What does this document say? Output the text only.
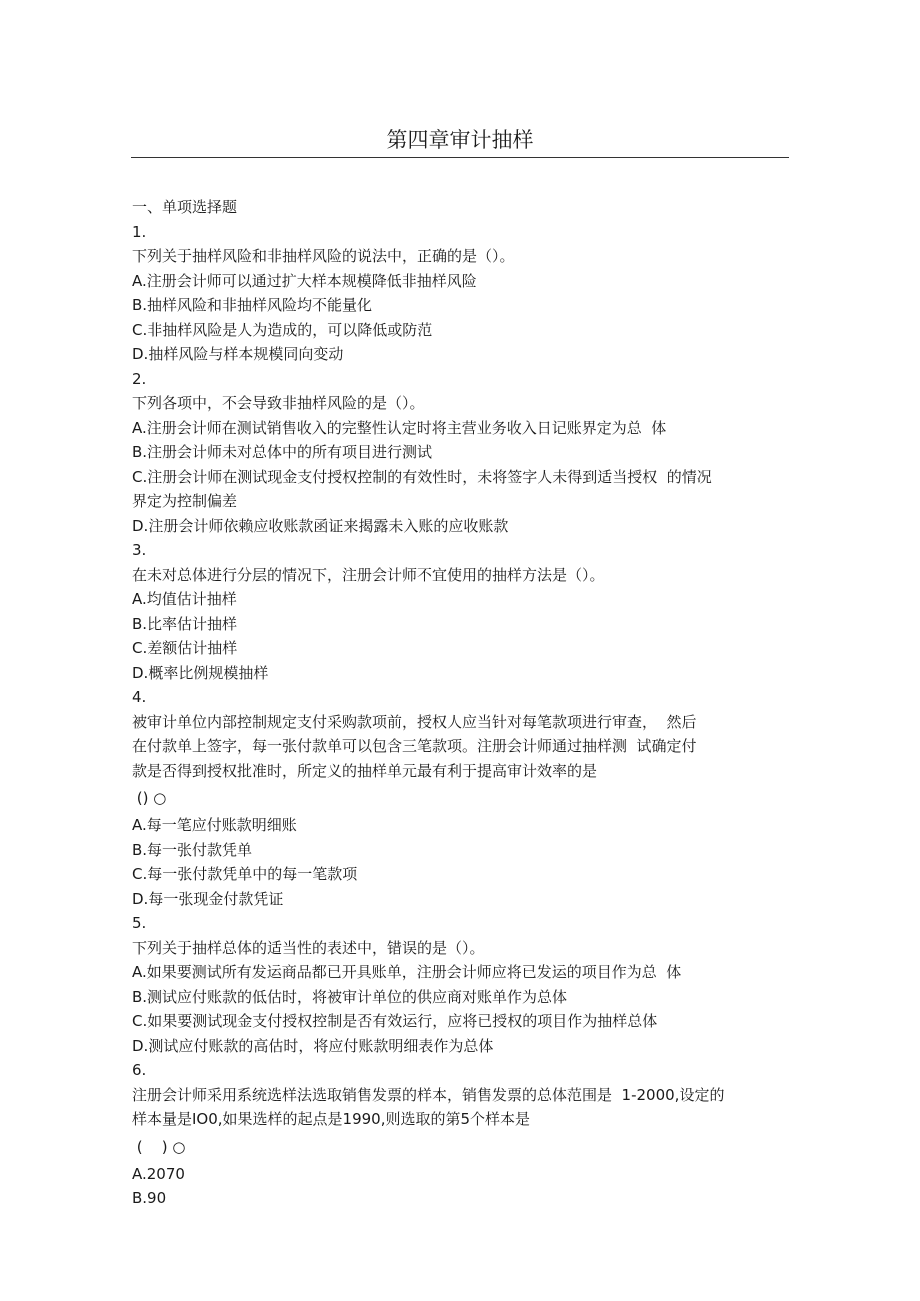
第四章审计抽样

一、单项选择题

1.

下列关于抽样风险和非抽样风险的说法中，正确的是（）。

A.注册会计师可以通过扩大样本规模降低非抽样风险

B.抽样风险和非抽样风险均不能量化

C.非抽样风险是人为造成的，可以降低或防范

D.抽样风险与样本规模同向变动

2.

下列各项中，不会导致非抽样风险的是（）。

A.注册会计师在测试销售收入的完整性认定时将主营业务收入日记账界定为总  体

B.注册会计师未对总体中的所有项目进行测试

C.注册会计师在测试现金支付授权控制的有效性时，未将签字人未得到适当授权  的情况

界定为控制偏差

D.注册会计师依赖应收账款函证来揭露未入账的应收账款

3.

在未对总体进行分层的情况下，注册会计师不宜使用的抽样方法是（）。

A.均值估计抽样

B.比率估计抽样

C.差额估计抽样

D.概率比例规模抽样

4.

被审计单位内部控制规定支付采购款项前，授权人应当针对每笔款项进行审查，  然后

在付款单上签字，每一张付款单可以包含三笔款项。注册会计师通过抽样测  试确定付

款是否得到授权批准时，所定义的抽样单元最有利于提高审计效率的是

() ○

A.每一笔应付账款明细账

B.每一张付款凭单

C.每一张付款凭单中的每一笔款项

D.每一张现金付款凭证

5.

下列关于抽样总体的适当性的表述中，错误的是（）。

A.如果要测试所有发运商品都已开具账单，注册会计师应将已发运的项目作为总  体

B.测试应付账款的低估时，将被审计单位的供应商对账单作为总体

C.如果要测试现金支付授权控制是否有效运行，应将已授权的项目作为抽样总体

D.测试应付账款的高估时，将应付账款明细表作为总体

6.

注册会计师采用系统选样法选取销售发票的样本，销售发票的总体范围是  1-2000,设定的

样本量是IO0,如果选样的起点是1990,则选取的第5个样本是

(    ) ○

A.2070

B.90
